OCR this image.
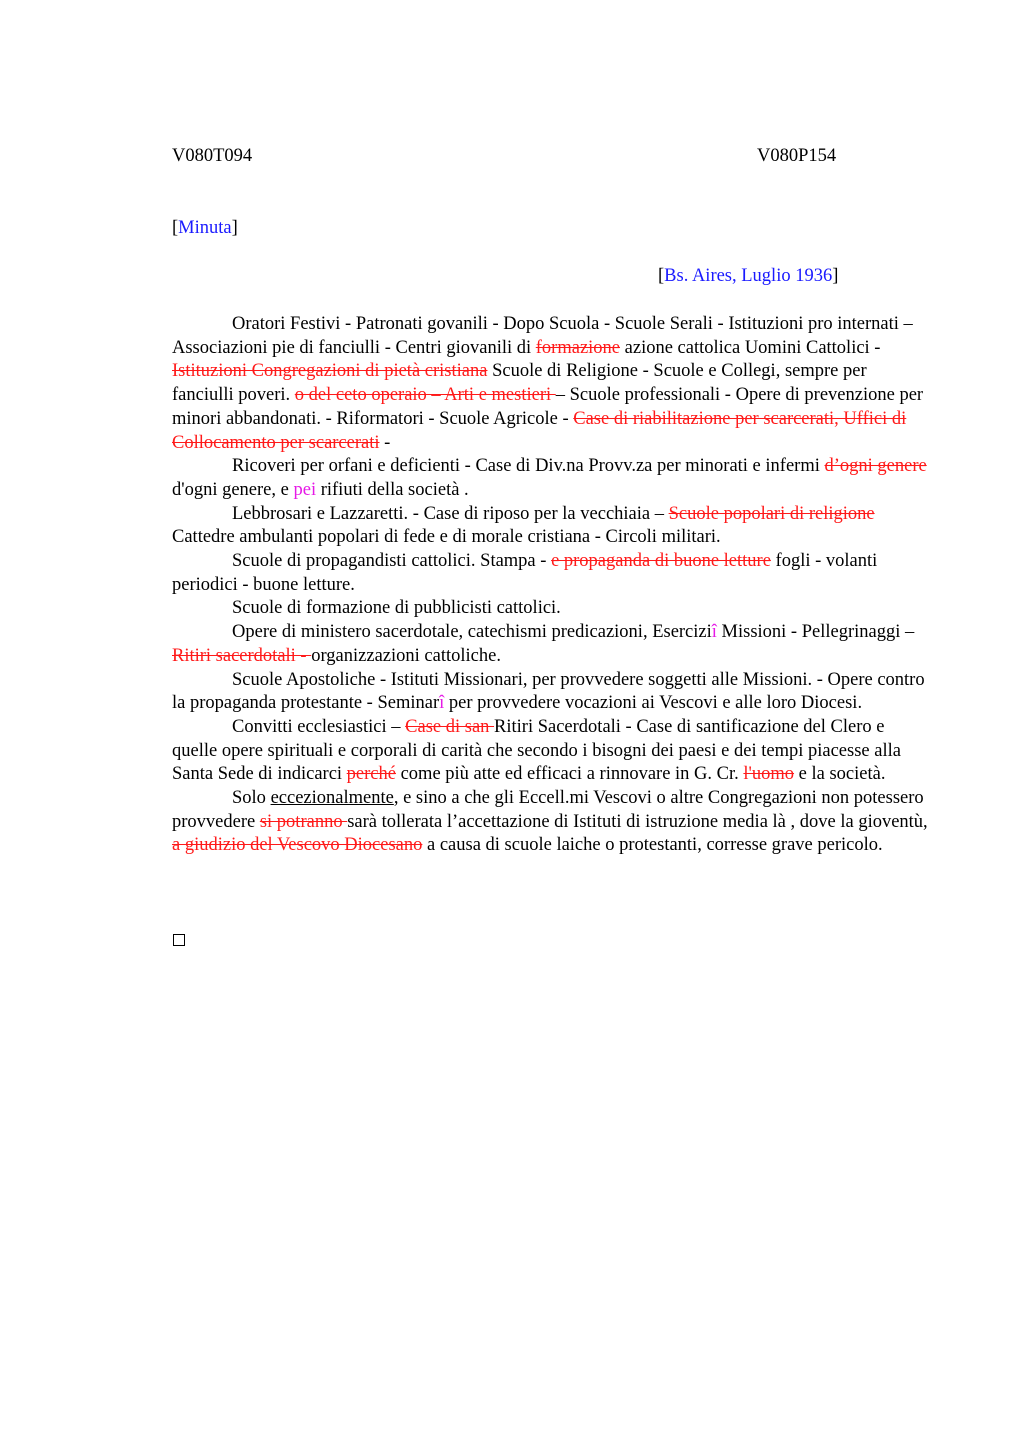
V080T094	V080P154
[Minuta]
[Bs. Aires, Luglio 1936]

Oratori Festivi - Patronati govanili - Dopo Scuola - Scuole Serali - Istituzioni pro internati – Associazioni pie di fanciulli - Centri giovanili di formazione azione cattolica Uomini Cattolici - Istituzioni Congregazioni di pietà cristiana Scuole di Religione - Scuole e Collegi, sempre per fanciulli poveri. o del ceto operaio – Arti e mestieri – Scuole professionali - Opere di prevenzione per minori abbandonati. - Riformatori - Scuole Agricole - Case di riabilitazione per scarcerati, Uffici di Collocamento per scarcerati -

Ricoveri per orfani e deficienti - Case di Div.na Provv.za per minorati e infermi d’ogni genere d'ogni genere, e pei rifiuti della società .

Lebbrosari e Lazzaretti. - Case di riposo per la vecchiaia – Scuole popolari di religione Cattedre ambulanti popolari di fede e di morale cristiana - Circoli militari.

Scuole di propagandisti cattolici. Stampa - e propaganda di buone letture fogli - volanti periodici - buone letture.

Scuole di formazione di pubblicisti cattolici.

Opere di ministero sacerdotale, catechismi predicazioni, Eserciziî Missioni - Pellegrinaggi – Ritiri sacerdotali - organizzazioni cattoliche.

Scuole Apostoliche - Istituti Missionari, per provvedere soggetti alle Missioni. - Opere contro la propaganda protestante - Seminarî per provvedere vocazioni ai Vescovi e alle loro Diocesi.

Convitti ecclesiastici – Case di san Ritiri Sacerdotali - Case di santificazione del Clero e quelle opere spirituali e corporali di carità che secondo i bisogni dei paesi e dei tempi piacesse alla Santa Sede di indicarci perché come più atte ed efficaci a rinnovare in G. Cr. l'uomo e la società.

Solo eccezionalmente, e sino a che gli Eccell.mi Vescovi o altre Congregazioni non potessero provvedere si potranno sarà tollerata l’accettazione di Istituti di istruzione media là , dove la gioventù, a giudizio del Vescovo Diocesano a causa di scuole laiche o protestanti, corresse grave pericolo.
